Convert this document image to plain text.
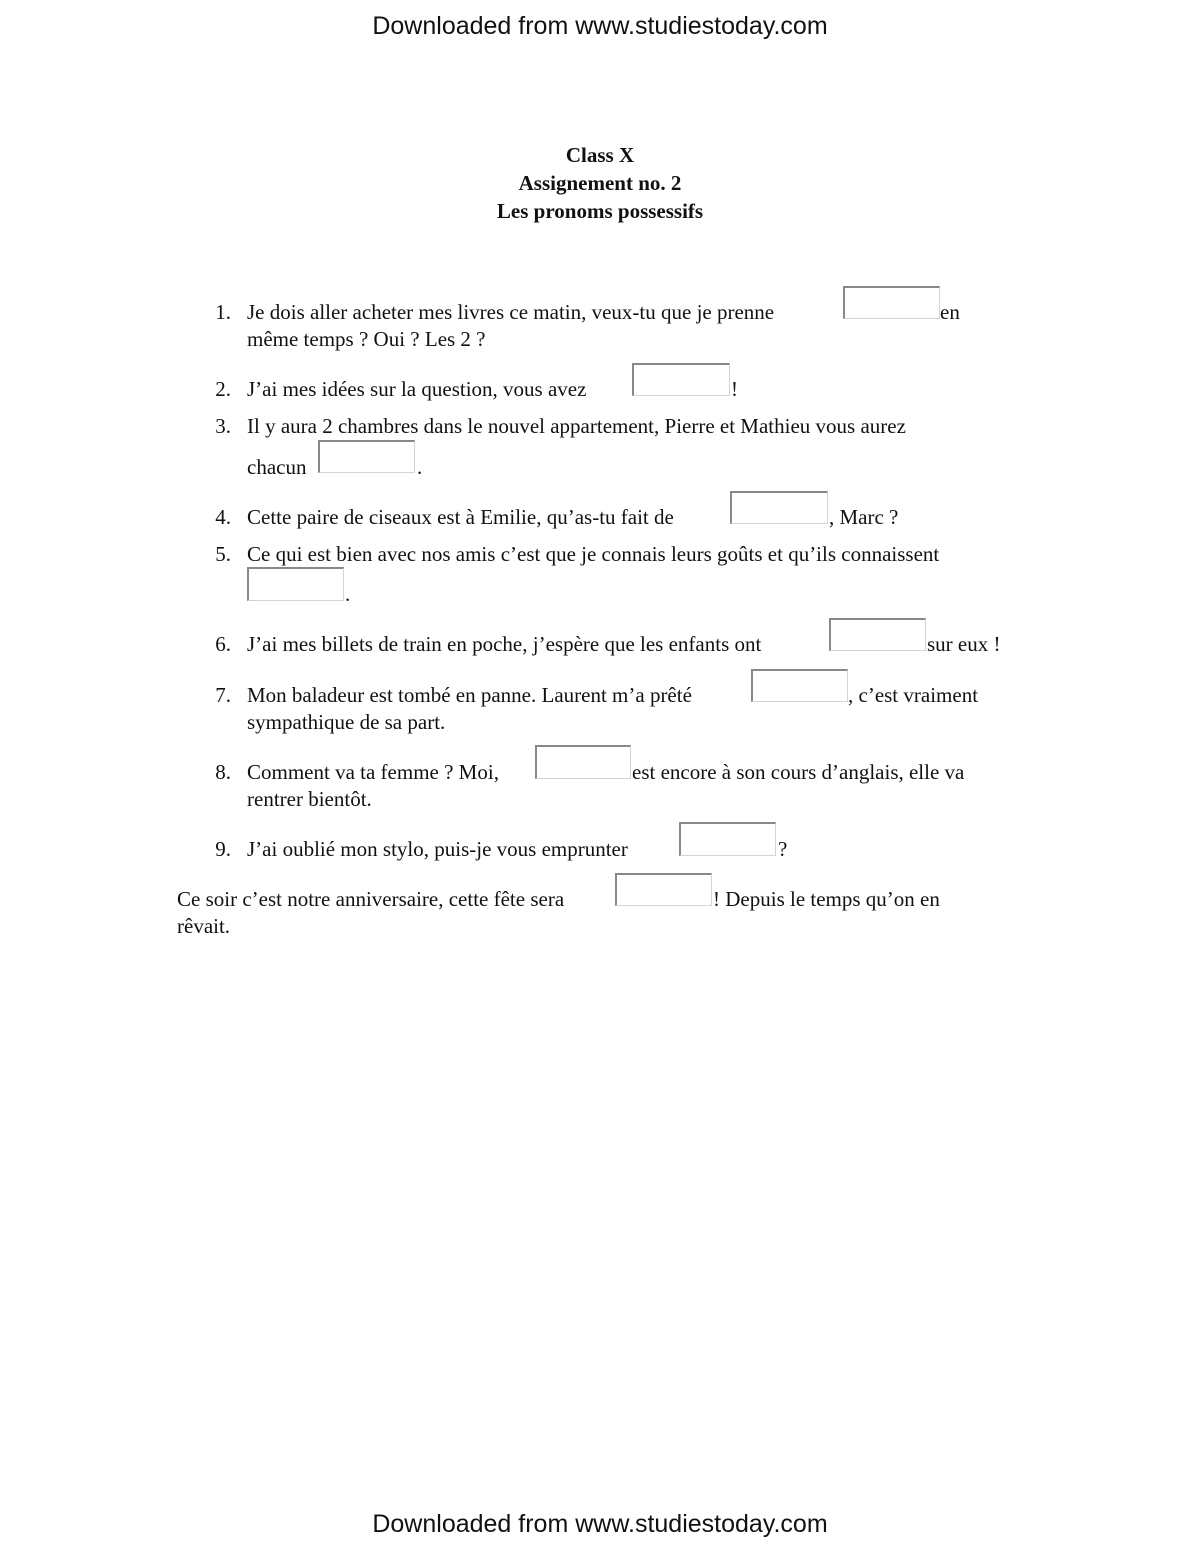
Downloaded from www.studiestoday.com
Class X
Assignement no. 2
Les pronoms possessifs
1. Je dois aller acheter mes livres ce matin, veux-tu que je prenne	en
même temps ? Oui ? Les 2 ?
2. J’ai mes idées sur la question, vous avez	!
3. Il y aura 2 chambres dans le nouvel appartement, Pierre et Mathieu vous aurez
chacun	.
4. Cette paire de ciseaux est à Emilie, qu’as-tu fait de	, Marc ?
5. Ce qui est bien avec nos amis c’est que je connais leurs goûts et qu’ils connaissent
.
6. J’ai mes billets de train en poche, j’espère que les enfants ont	sur eux !
7. Mon baladeur est tombé en panne. Laurent m’a prêté	, c’est vraiment
sympathique de sa part.
8. Comment va ta femme ? Moi,	est encore à son cours d’anglais, elle va
rentrer bientôt.
9. J’ai oublié mon stylo, puis-je vous emprunter	?
Ce soir c’est notre anniversaire, cette fête sera	! Depuis le temps qu’on en
rêvait.
Downloaded from www.studiestoday.com
